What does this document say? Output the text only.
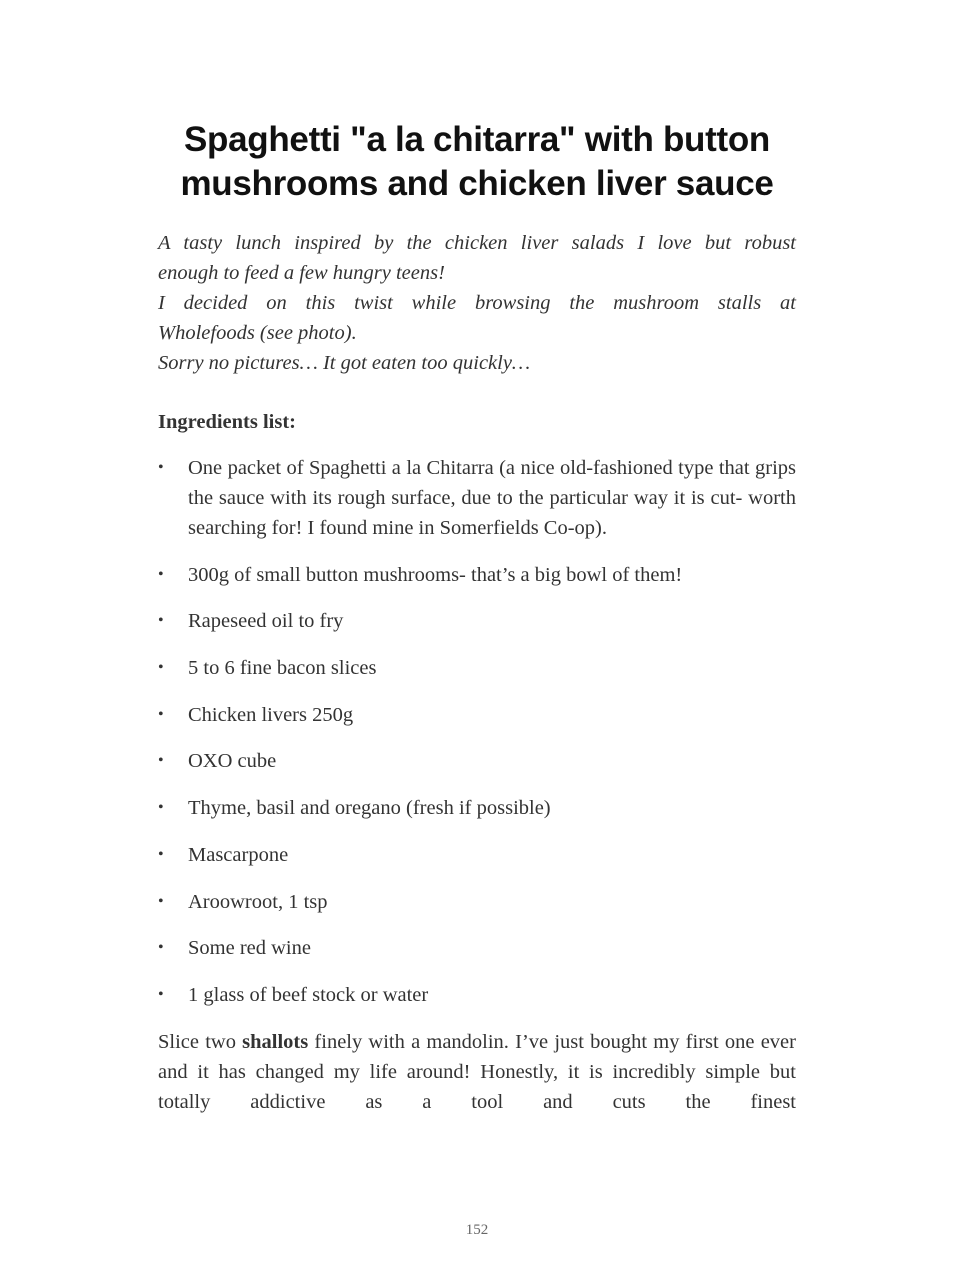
Spaghetti "a la chitarra" with button mushrooms and chicken liver sauce
A tasty lunch inspired by the chicken liver salads I love but robust
enough to feed a few hungry teens!
I decided on this twist while browsing the mushroom stalls at
Wholefoods (see photo).
Sorry no pictures… It got eaten too quickly…
Ingredients list:
• One packet of Spaghetti a la Chitarra (a nice old-fashioned type that grips the sauce with its rough surface, due to the particular way it is cut- worth searching for! I found mine in Somerfields Co-op).
• 300g of small button mushrooms- that’s a big bowl of them!
• Rapeseed oil to fry
• 5 to 6 fine bacon slices
• Chicken livers 250g
• OXO cube
• Thyme, basil and oregano (fresh if possible)
• Mascarpone
• Aroowroot, 1 tsp
• Some red wine
• 1 glass of beef stock or water

Slice two shallots finely with a mandolin. I’ve just bought my first one ever and it has changed my life around! Honestly, it is incredibly simple but totally addictive as a tool and cuts the finest

152
